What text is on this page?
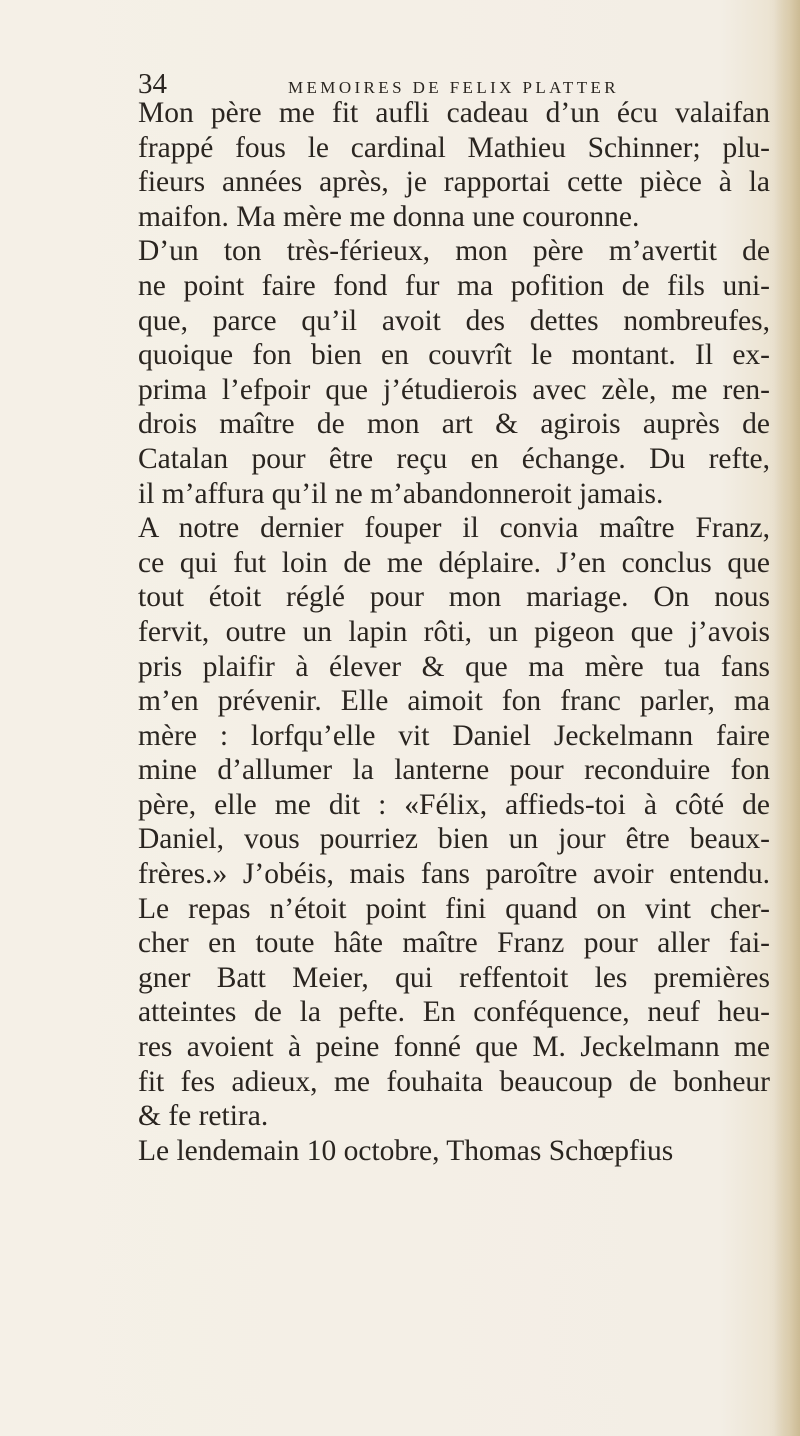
34	MEMOIRES DE FELIX PLATTER
Mon père me fit aufli cadeau d’un écu valaifan
frappé fous le cardinal Mathieu Schinner; plu-
fieurs années après, je rapportai cette pièce à la
maifon. Ma mère me donna une couronne.
D’un ton très-férieux, mon père m’avertit de
ne point faire fond fur ma pofition de fils uni-
que, parce qu’il avoit des dettes nombreufes,
quoique fon bien en couvrît le montant. Il ex-
prima l’efpoir que j’étudierois avec zèle, me ren-
drois maître de mon art & agirois auprès de
Catalan pour être reçu en échange. Du refte,
il m’affura qu’il ne m’abandonneroit jamais.
A notre dernier fouper il convia maître Franz,
ce qui fut loin de me déplaire. J’en conclus que
tout étoit réglé pour mon mariage. On nous
fervit, outre un lapin rôti, un pigeon que j’avois
pris plaifir à élever & que ma mère tua fans
m’en prévenir. Elle aimoit fon franc parler, ma
mère : lorfqu’elle vit Daniel Jeckelmann faire
mine d’allumer la lanterne pour reconduire fon
père, elle me dit : «Félix, affieds-toi à côté de
Daniel, vous pourriez bien un jour être beaux-
frères.» J’obéis, mais fans paroître avoir entendu.
Le repas n’étoit point fini quand on vint cher-
cher en toute hâte maître Franz pour aller fai-
gner Batt Meier, qui reffentoit les premières
atteintes de la pefte. En conféquence, neuf heu-
res avoient à peine fonné que M. Jeckelmann me
fit fes adieux, me fouhaita beaucoup de bonheur
& fe retira.
Le lendemain 10 octobre, Thomas Schœpfius
